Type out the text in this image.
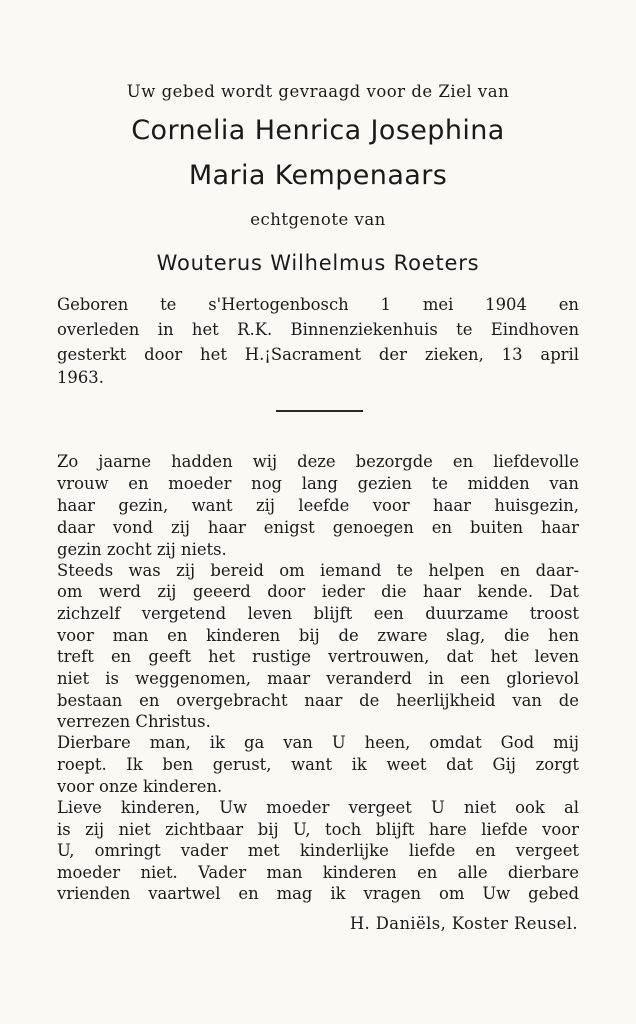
Uw gebed wordt gevraagd voor de Ziel van
Cornelia Henrica Josephina
Maria Kempenaars
echtgenote van
Wouterus Wilhelmus Roeters
Geboren te s'Hertogenbosch 1 mei 1904 en
overleden in het R.K. Binnenziekenhuis te Eindhoven
gesterkt door het H.¡Sacrament der zieken, 13 april
1963.
Zo jaarne hadden wij deze bezorgde en liefdevolle
vrouw en moeder nog lang gezien te midden van
haar gezin, want zij leefde voor haar huisgezin,
daar vond zij haar enigst genoegen en buiten haar
gezin zocht zij niets.
Steeds was zij bereid om iemand te helpen en daar-
om werd zij geeerd door ieder die haar kende. Dat
zichzelf vergetend leven blijft een duurzame troost
voor man en kinderen bij de zware slag, die hen
treft en geeft het rustige vertrouwen, dat het leven
niet is weggenomen, maar veranderd in een glorievol
bestaan en overgebracht naar de heerlijkheid van de
verrezen Christus.
Dierbare man, ik ga van U heen, omdat God mij
roept. Ik ben gerust, want ik weet dat Gij zorgt
voor onze kinderen.
Lieve kinderen, Uw moeder vergeet U niet ook al
is zij niet zichtbaar bij U, toch blijft hare liefde voor
U, omringt vader met kinderlijke liefde en vergeet
moeder niet. Vader man kinderen en alle dierbare
vrienden vaartwel en mag ik vragen om Uw gebed
H. Daniëls, Koster Reusel.
